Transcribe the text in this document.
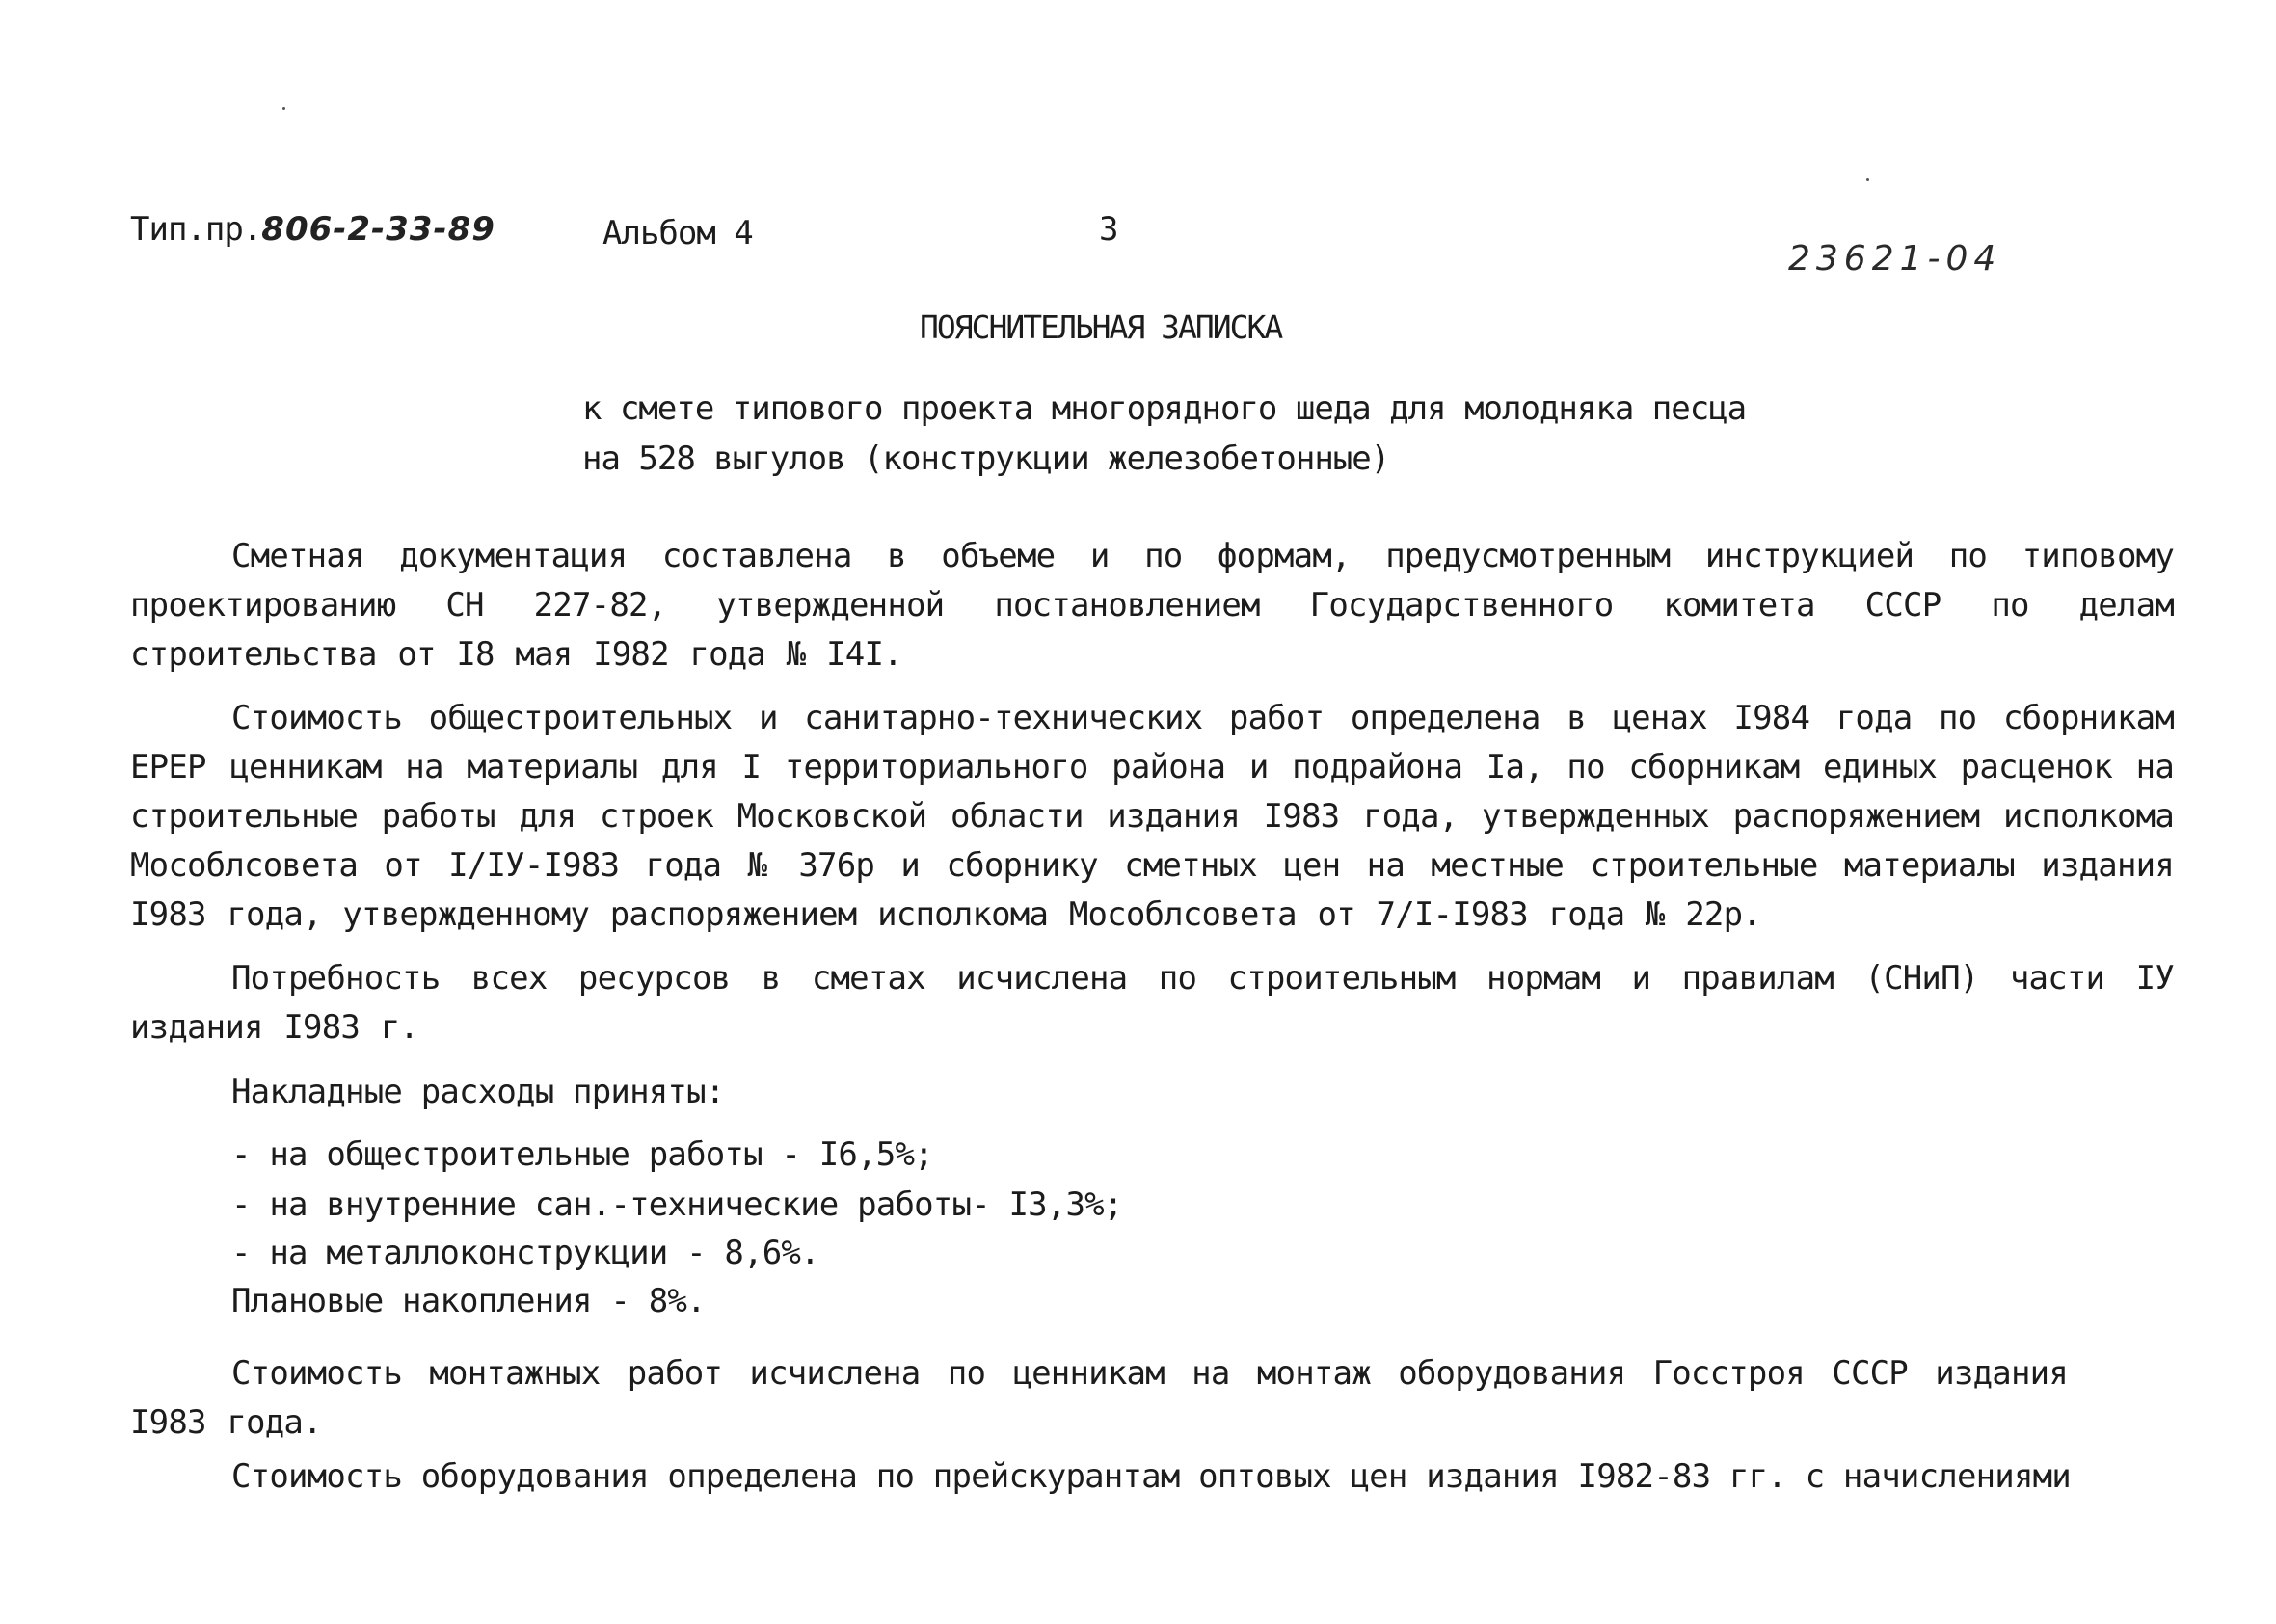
Тип.пр.806-2-33-89	Альбом 4	3
23621-04
ПОЯСНИТЕЛЬНАЯ ЗАПИСКА
к смете типового проекта многорядного шеда для молодняка песца
на 528 выгулов (конструкции железобетонные)
Сметная документация составлена в объеме и по формам, предусмотренным инструкцией по типовому проектированию СН 227-82, утвержденной постановлением Государственного комитета СССР по делам строительства от I8 мая I982 года № I4I.
Стоимость общестроительных и санитарно-технических работ определена в ценах I984 года по сборникам ЕРЕР ценникам на материалы для I территориального района и подрайона Iа, по сборникам единых расценок на строительные работы для строек Московской области издания I983 года, утвержденных распоряжением исполкома Мособлсовета от I/IУ-I983 года № 376р и сборнику сметных цен на местные строительные материалы издания I983 года, утвержденному распоряжением исполкома Мособлсовета от 7/I-I983 года № 22р.
Потребность всех ресурсов в сметах исчислена по строительным нормам и правилам (СНиП) части IУ издания I983 г.
Накладные расходы приняты:
- на общестроительные работы - I6,5%;
- на внутренние сан.-технические работы- I3,3%;
- на металлоконструкции - 8,6%.
Плановые накопления - 8%.
Стоимость монтажных работ исчислена по ценникам на монтаж оборудования Госстроя СССР издания I983 года.
Стоимость оборудования определена по прейскурантам оптовых цен издания I982-83 гг. с начислениями
